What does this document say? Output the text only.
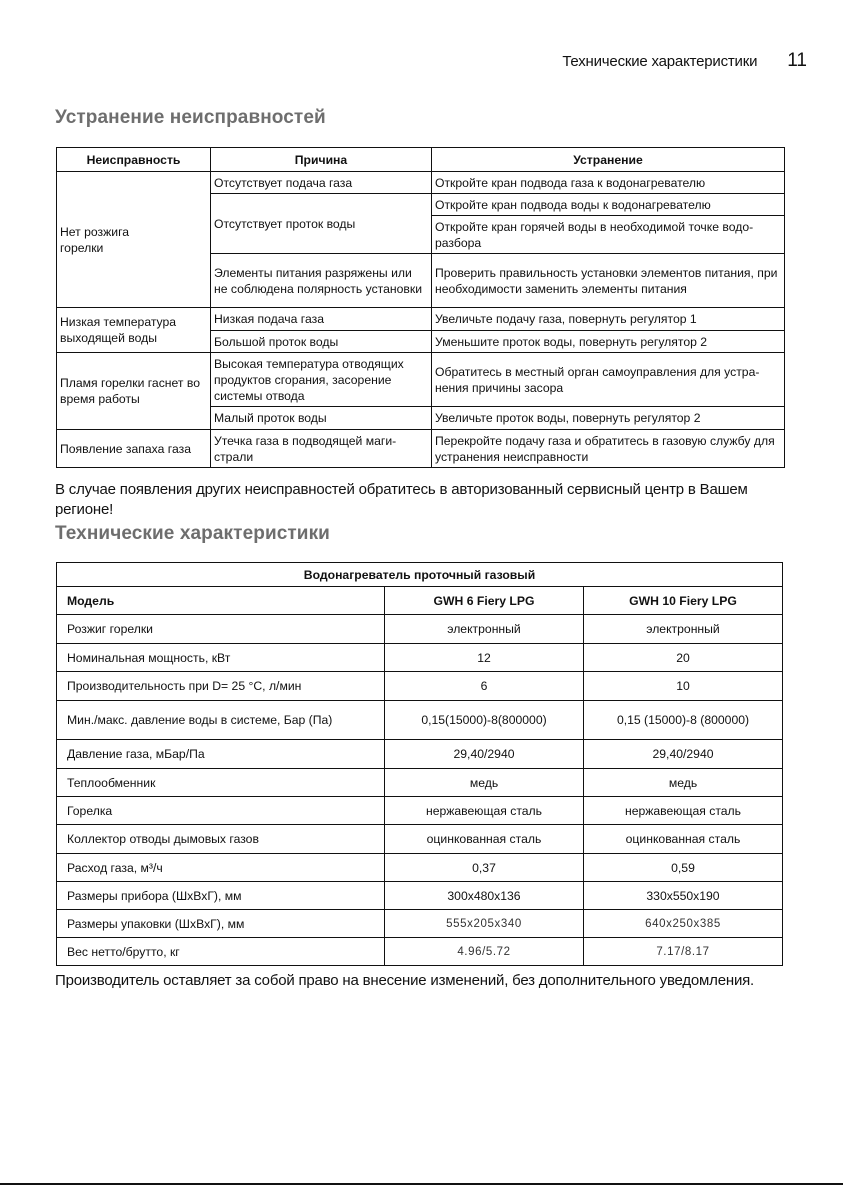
Технические характеристики 11
Устранение неисправностей
Неисправность	Причина	Устранение
Нет розжига горелки	Отсутствует подача газа	Откройте кран подвода газа к водонагревателю
	Отсутствует проток воды	Откройте кран подвода воды к водонагревателю
		Откройте кран горячей воды в необходимой точке водо-разбора
	Элементы питания разряжены или не соблюдена полярность установки	Проверить правильность установки элементов питания, при необходимости заменить элементы питания
Низкая температура выходящей воды	Низкая подача газа	Увеличьте подачу газа, повернуть регулятор 1
	Большой проток воды	Уменьшите проток воды, повернуть регулятор 2
Пламя горелки гаснет во время работы	Высокая температура отводящих продуктов сгорания, засорение системы отвода	Обратитесь в местный орган самоуправления для устра-нения причины засора
	Малый проток воды	Увеличьте проток воды, повернуть регулятор 2
Появление запаха газа	Утечка газа в подводящей маги-страли	Перекройте подачу газа и обратитесь в газовую службу для устранения неисправности

В случае появления других неисправностей обратитесь в авторизованный сервисный центр в Вашем регионе!

Технические характеристики
Водонагреватель проточный газовый		
Модель	GWH 6 Fiery LPG	GWH 10 Fiery LPG
Розжиг горелки	электронный	электронный
Номинальная мощность, кВт	12	20
Производительность при D= 25 °C, л/мин	6	10
Мин./макс. давление воды в системе, Бар (Па)	0,15(15000)-8(800000)	0,15 (15000)-8 (800000)
Давление газа, мБар/Па	29,40/2940	29,40/2940
Теплообменник	медь	медь
Горелка	нержавеющая сталь	нержавеющая сталь
Коллектор отводы дымовых газов	оцинкованная сталь	оцинкованная сталь
Расход газа, м³/ч	0,37	0,59
Размеры прибора (ШхВхГ), мм	300x480x136	330x550x190
Размеры упаковки (ШхВхГ), мм	555x205x340	640x250x385
Вес нетто/брутто, кг	4.96/5.72	7.17/8.17

Производитель оставляет за собой право на внесение изменений, без дополнительного уведомления.
